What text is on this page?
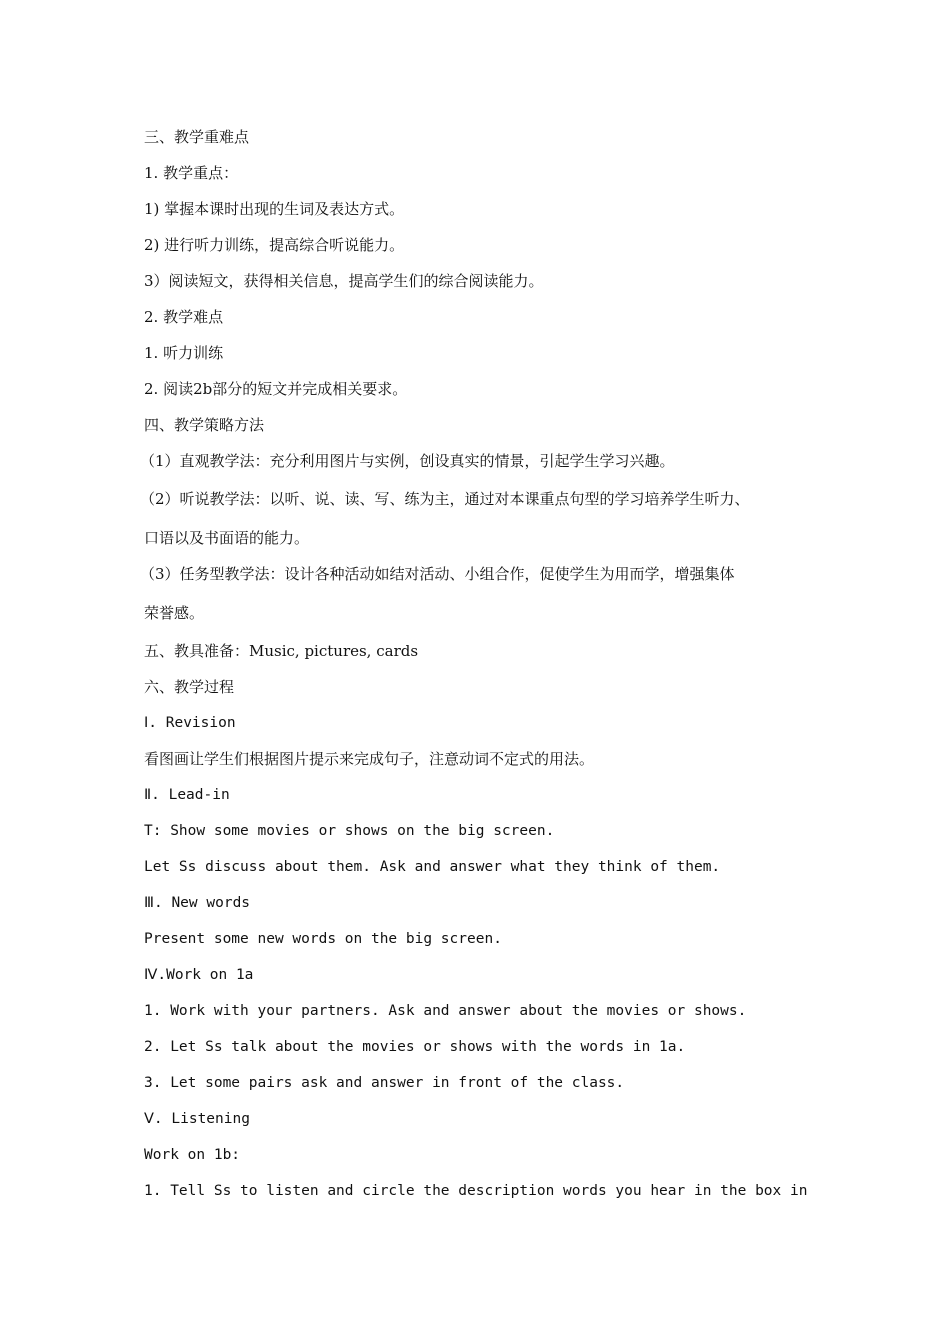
三、教学重难点
1. 教学重点：
1) 掌握本课时出现的生词及表达方式。
2) 进行听力训练，提高综合听说能力。
3）阅读短文，获得相关信息，提高学生们的综合阅读能力。
2. 教学难点
1. 听力训练
2. 阅读2b部分的短文并完成相关要求。
四、教学策略方法
（1）直观教学法：充分利用图片与实例，创设真实的情景，引起学生学习兴趣。
（2）听说教学法：以听、说、读、写、练为主，通过对本课重点句型的学习培养学生听力、
口语以及书面语的能力。
（3）任务型教学法：设计各种活动如结对活动、小组合作，促使学生为用而学，增强集体
荣誉感。
五、教具准备：Music, pictures, cards
六、教学过程
Ⅰ. Revision
看图画让学生们根据图片提示来完成句子，注意动词不定式的用法。
Ⅱ. Lead-in
T: Show some movies or shows on the big screen.
Let Ss discuss about them. Ask and answer what they think of them.
Ⅲ. New words
Present some new words on the big screen.
Ⅳ.Work on 1a
1. Work with your partners. Ask and answer about the movies or shows.
2. Let Ss talk about the movies or shows with the words in 1a.
3. Let some pairs ask and answer in front of the class.
Ⅴ. Listening
Work on 1b:
1. Tell Ss to listen and circle the description words you hear in the box in
